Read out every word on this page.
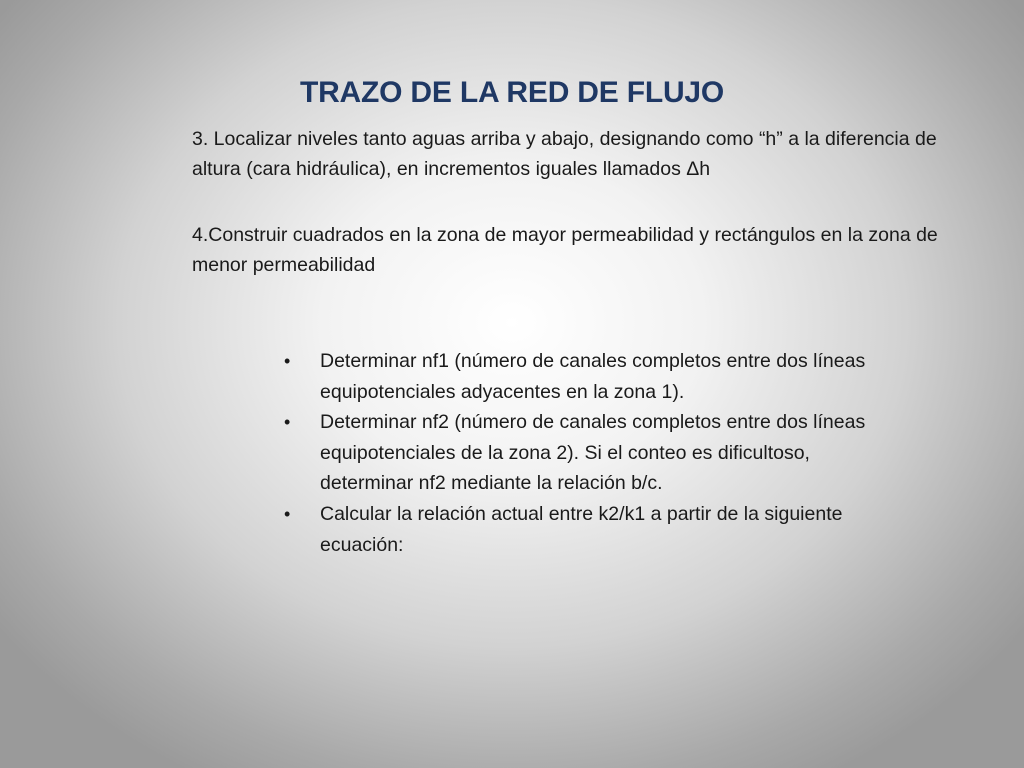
TRAZO DE LA RED DE FLUJO

3. Localizar niveles tanto aguas arriba y abajo, designando como “h” a la diferencia de altura (cara hidráulica), en incrementos iguales llamados Δh

4.Construir cuadrados en la zona de mayor permeabilidad y rectángulos en la zona de menor permeabilidad

• Determinar nf1 (número de canales completos entre dos líneas equipotenciales adyacentes en la zona 1).
• Determinar nf2 (número de canales completos entre dos líneas equipotenciales de la zona 2). Si el conteo es dificultoso, determinar nf2 mediante la relación b/c.
• Calcular la relación actual entre k2/k1 a partir de la siguiente ecuación:
